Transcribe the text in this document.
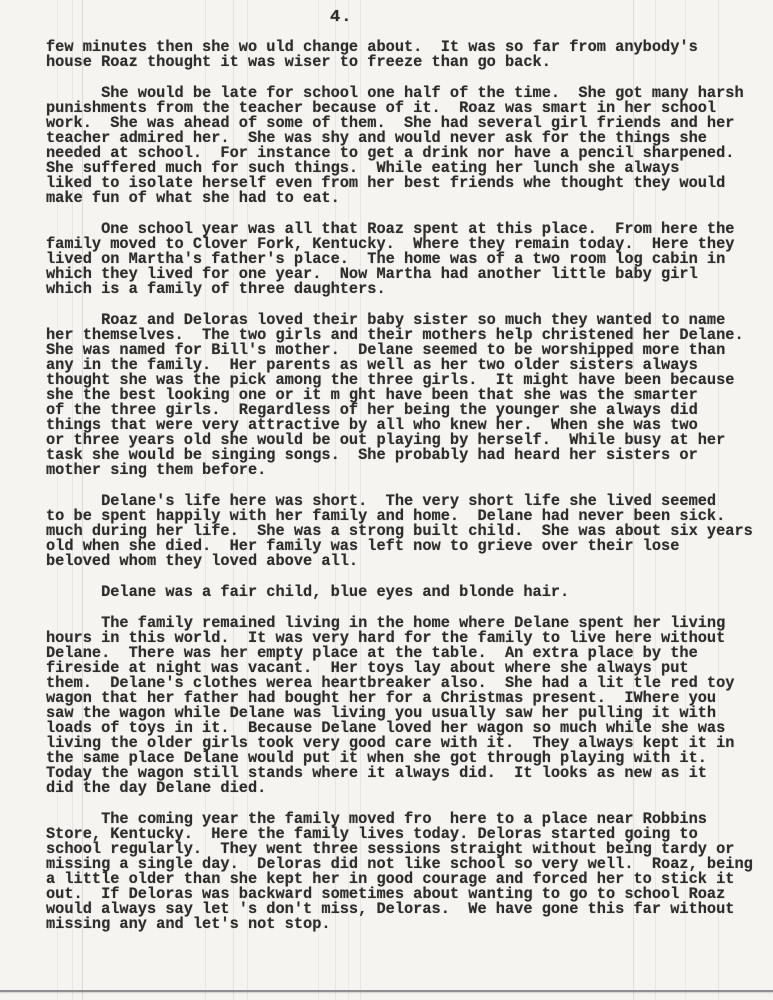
4.
few minutes then she wo uld change about.  It was so far from anybody's
house Roaz thought it was wiser to freeze than go back.
She would be late for school one half of the time.  She got many harsh
punishments from the teacher because of it.  Roaz was smart in her school
work.  She was ahead of some of them.  She had several girl friends and her
teacher admired her.  She was shy and would never ask for the things she
needed at school.  For instance to get a drink nor have a pencil sharpened.
She suffered much for such things.  While eating her lunch she always
liked to isolate herself even from her best friends whe thought they would
make fun of what she had to eat.
One school year was all that Roaz spent at this place.  From here the
family moved to Clover Fork, Kentucky.  Where they remain today.  Here they
lived on Martha's father's place.  The home was of a two room log cabin in
which they lived for one year.  Now Martha had another little baby girl
which is a family of three daughters.
Roaz and Deloras loved their baby sister so much they wanted to name
her themselves.  The two girls and their mothers help christened her Delane.
She was named for Bill's mother.  Delane seemed to be worshipped more than
any in the family.  Her parents as well as her two older sisters always
thought she was the pick among the three girls.  It might have been because
she the best looking one or it m ght have been that she was the smarter
of the three girls.  Regardless of her being the younger she always did
things that were very attractive by all who knew her.  When she was two
or three years old she would be out playing by herself.  While busy at her
task she would be singing songs.  She probably had heard her sisters or
mother sing them before.
Delane's life here was short.  The very short life she lived seemed
to be spent happily with her family and home.  Delane had never been sick.
much during her life.  She was a strong built child.  She was about six years
old when she died.  Her family was left now to grieve over their lose
beloved whom they loved above all.
Delane was a fair child, blue eyes and blonde hair.
The family remained living in the home where Delane spent her living
hours in this world.  It was very hard for the family to live here without
Delane.  There was her empty place at the table.  An extra place by the
fireside at night was vacant.  Her toys lay about where she always put
them.  Delane's clothes werea heartbreaker also.  She had a lit tle red toy
wagon that her father had bought her for a Christmas present.  IWhere you
saw the wagon while Delane was living you usually saw her pulling it with
loads of toys in it.  Because Delane loved her wagon so much while she was
living the older girls took very good care with it.  They always kept it in
the same place Delane would put it when she got through playing with it.
Today the wagon still stands where it always did.  It looks as new as it
did the day Delane died.
The coming year the family moved fro  here to a place near Robbins
Store, Kentucky.  Here the family lives today. Deloras started going to
school regularly.  They went three sessions straight without being tardy or
missing a single day.  Deloras did not like school so very well.  Roaz, being
a little older than she kept her in good courage and forced her to stick it
out.  If Deloras was backward sometimes about wanting to go to school Roaz
would always say let 's don't miss, Deloras.  We have gone this far without
missing any and let's not stop.
